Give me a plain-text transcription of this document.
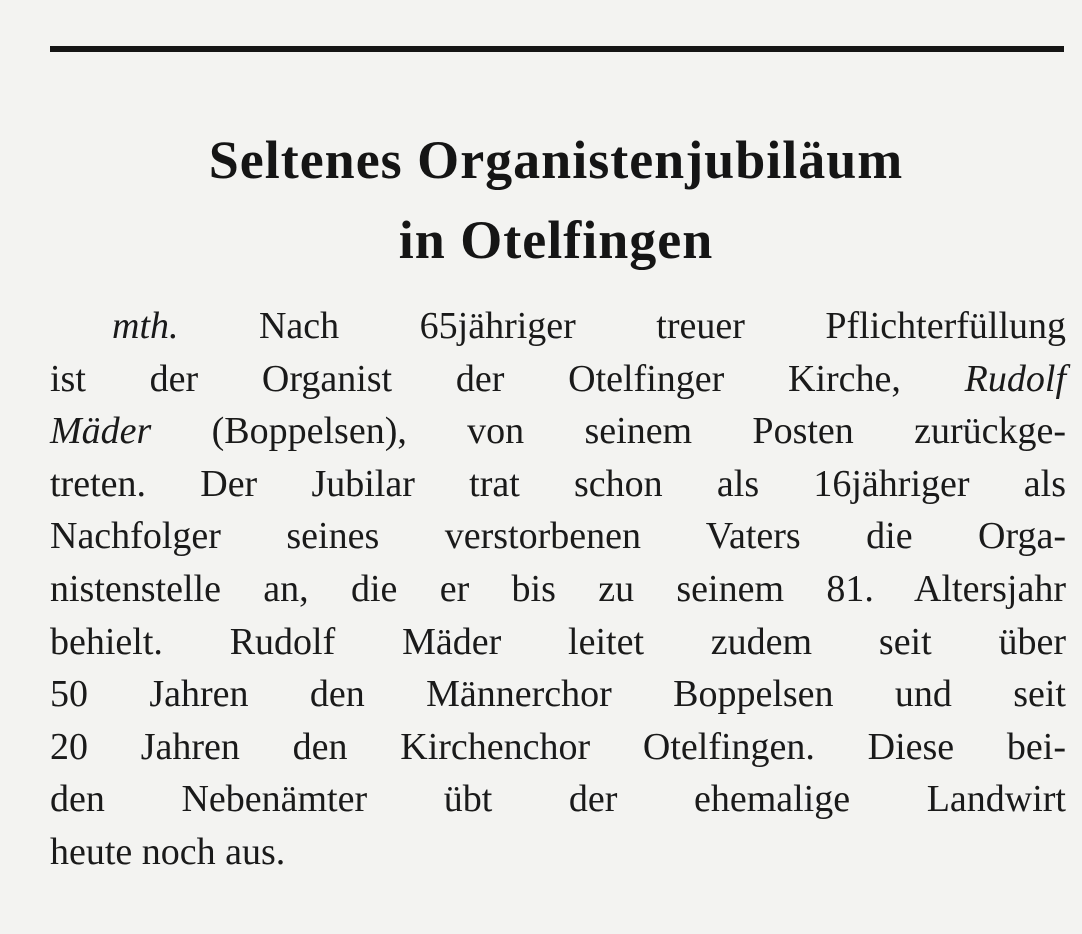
Seltenes Organistenjubiläum
in Otelfingen
mth. Nach 65jähriger treuer Pflichterfüllung
ist der Organist der Otelfinger Kirche, Rudolf
Mäder (Boppelsen), von seinem Posten zurückge-
treten. Der Jubilar trat schon als 16jähriger als
Nachfolger seines verstorbenen Vaters die Orga-
nistenstelle an, die er bis zu seinem 81. Altersjahr
behielt. Rudolf Mäder leitet zudem seit über
50 Jahren den Männerchor Boppelsen und seit
20 Jahren den Kirchenchor Otelfingen. Diese bei-
den Nebenämter übt der ehemalige Landwirt
heute noch aus.
